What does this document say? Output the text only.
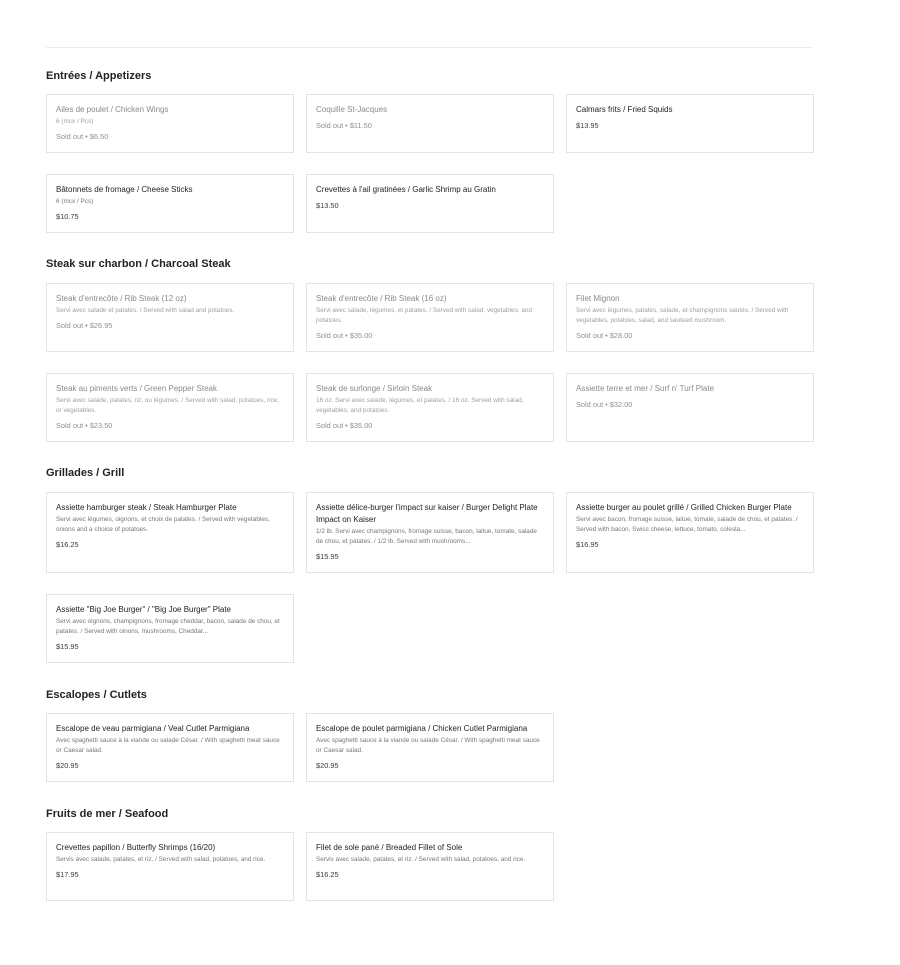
Entrées / Appetizers

Ailes de poulet / Chicken Wings

6 (mcx / Pcs)

Sold out • $6.50

Coquille St-Jacques

Sold out • $11.50

Calmars frits / Fried Squids

$13.95

Bâtonnets de fromage / Cheese Sticks

6 (mcx / Pcs)

$10.75

Crevettes à l'ail gratinées / Garlic Shrimp au Gratin

$13.50
Steak sur charbon / Charcoal Steak

Steak d'entrecôte / Rib Steak (12 oz)

Servi avec salade et patates. / Served with salad and potatoes.

Sold out • $26.95

Steak d'entrecôte / Rib Steak (16 oz)

Servi avec salade, légumes, et patates. / Served with salad, vegetables, and potatoes.

Sold out • $35.00

Filet Mignon

Servi avec légumes, patates, salade, et champignons sautés. / Served with vegetables, potatoes, salad, and sauteed mushroom.

Sold out • $28.00

Steak au piments verts / Green Pepper Steak

Servi avec salade, patates, riz, ou légumes. / Served with salad, potatoes, rice, or vegetables.

Sold out • $23.50

Steak de surlonge / Sirloin Steak

16 oz. Servi avec salade, légumes, et patates. / 16 oz. Served with salad, vegetables, and potatoes.

Sold out • $35.00

Assiette terre et mer / Surf n' Turf Plate

Sold out • $32.00
Grillades / Grill

Assiette hamburger steak / Steak Hamburger Plate

Servi avec légumes, oignons, et choix de patates. / Served with vegetables, onions and a choice of potatoes.

$16.25

Assiette délice-burger l'impact sur kaiser / Burger Delight Plate Impact on Kaiser

1/2 lb. Servi avec champignons, fromage suisse, bacon, laitue, tomate, salade de chou, et patates. / 1/2 lb. Served with mushrooms...

$15.95

Assiette burger au poulet grillé / Grilled Chicken Burger Plate

Servi avec bacon, fromage suisse, laitue, tomate, salade de chou, et patates. / Served with bacon, Swiss cheese, lettuce, tomato, colesla...

$16.95

Assiette "Big Joe Burger" / "Big Joe Burger" Plate

Servi avec oignons, champignons, fromage cheddar, bacon, salade de chou, et patates. / Served with oinons, mushrooms, Cheddar...

$15.95
Escalopes / Cutlets

Escalope de veau parmigiana / Veal Cutlet Parmigiana

Avec spaghetti sauce à la viande ou salade César. / With spaghetti meat sauce or Caesar salad.

$20.95

Escalope de poulet parmigiana / Chicken Cutlet Parmigiana

Avec spaghetti sauce à la viande ou salade César. / With spaghetti meat sauce or Caesar salad.

$20.95
Fruits de mer / Seafood

Crevettes papillon / Butterfly Shrimps (16/20)

Servis avec salade, patates, et riz. / Served with salad, potatoes, and rice.

$17.95

Filet de sole pané / Breaded Fillet of Sole

Servis avec salade, patates, et riz. / Served with salad, potatoes, and rice.

$16.25
